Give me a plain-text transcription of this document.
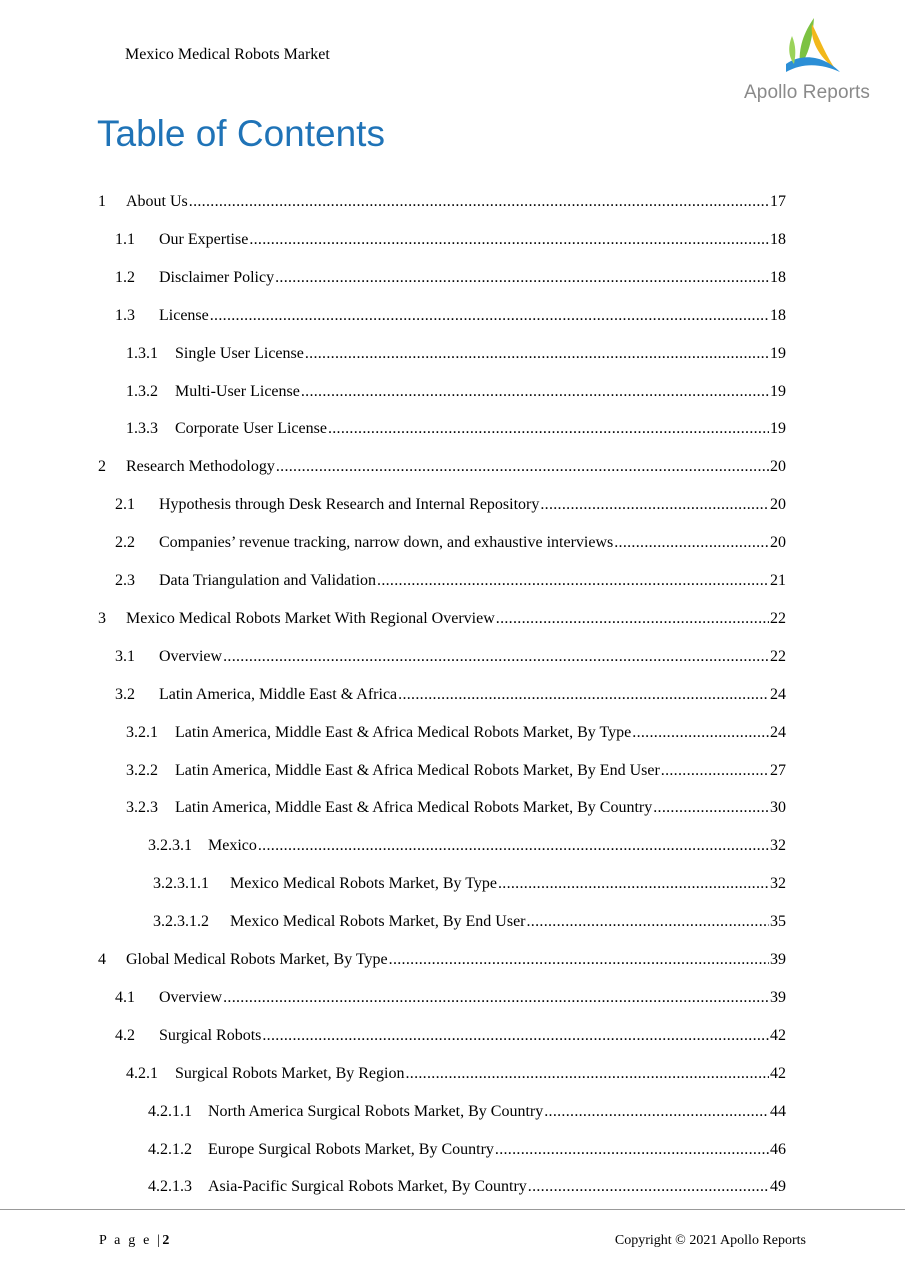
Mexico Medical Robots Market
Apollo Reports
Table of Contents
1	About Us .....	17
1.1	Our Expertise .....	18
1.2	Disclaimer Policy .....	18
1.3	License .....	18
1.3.1	Single User License .....	19
1.3.2	Multi-User License .....	19
1.3.3	Corporate User License .....	19
2	Research Methodology .....	20
2.1	Hypothesis through Desk Research and Internal Repository .....	20
2.2	Companies’ revenue tracking, narrow down, and exhaustive interviews .....	20
2.3	Data Triangulation and Validation .....	21
3	Mexico Medical Robots Market With Regional Overview .....	22
3.1	Overview .....	22
3.2	Latin America, Middle East & Africa .....	24
3.2.1	Latin America, Middle East & Africa Medical Robots Market, By Type .....	24
3.2.2	Latin America, Middle East & Africa Medical Robots Market, By End User .....	27
3.2.3	Latin America, Middle East & Africa Medical Robots Market, By Country .....	30
3.2.3.1	Mexico .....	32
3.2.3.1.1	Mexico Medical Robots Market, By Type .....	32
3.2.3.1.2	Mexico Medical Robots Market, By End User .....	35
4	Global Medical Robots Market, By Type .....	39
4.1	Overview .....	39
4.2	Surgical Robots .....	42
4.2.1	Surgical Robots Market, By Region .....	42
4.2.1.1	North America Surgical Robots Market, By Country .....	44
4.2.1.2	Europe Surgical Robots Market, By Country .....	46
4.2.1.3	Asia-Pacific Surgical Robots Market, By Country .....	49
P a g e |2	Copyright © 2021 Apollo Reports
